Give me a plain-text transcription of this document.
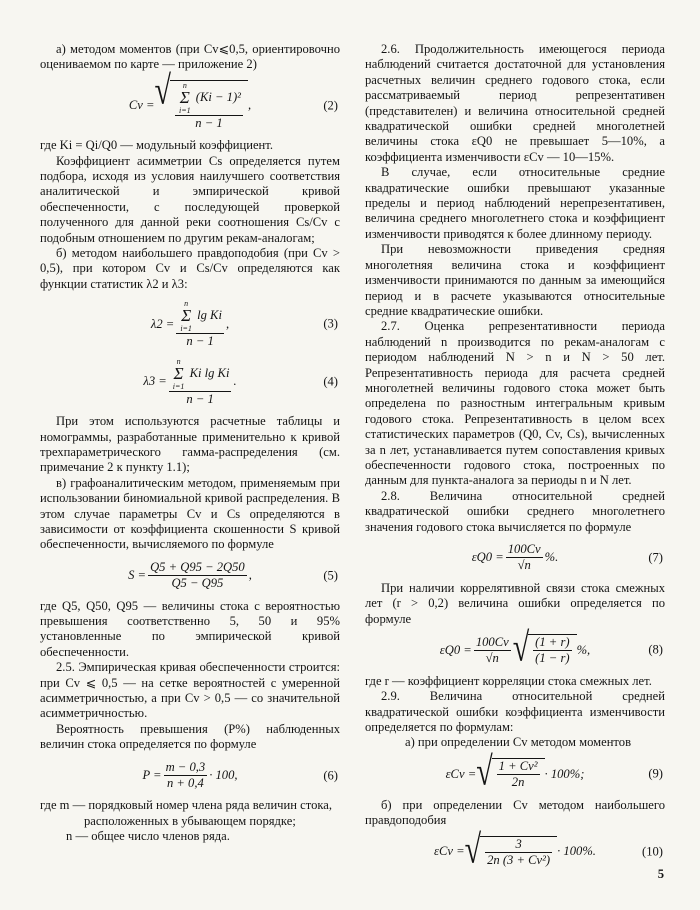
а) методом моментов (при Cv⩽0,5, ориентировочно оцениваемом по карте — приложение 2)

Cv = √ n
Σ
i=1
(Ki − 1)²
n − 1 ,	(2)

где Ki = Qi/Q0 — модульный коэффициент.

Коэффициент асимметрии Cs определяется путем подбора, исходя из условия наилучшего соответствия аналитической и эмпирической кривой обеспеченности, с последующей проверкой полученного для данной реки соотношения Cs/Cv с подобным отношением по другим рекам-аналогам;

б) методом наибольшего правдоподобия (при Cv > 0,5), при котором Cv и Cs/Cv определяются как функции статистик λ2 и λ3:

λ2 = n
Σ
i=1
lg Ki
n − 1 ,	(3)
λ3 = n
Σ
i=1
Ki lg Ki
n − 1 .	(4)

При этом используются расчетные таблицы и номограммы, разработанные применительно к кривой трехпараметрического гамма-распределения (см. примечание 2 к пункту 1.1);

в) графоаналитическим методом, применяемым при использовании биномиальной кривой распределения. В этом случае параметры Cv и Cs определяются в зависимости от коэффициента скошенности S кривой обеспеченности, вычисляемого по формуле

$S = \frac{Q5 + Q95 - 2Q50}{Q5 - Q95}$ ,	(5)

где Q5, Q50, Q95 — величины стока с вероятностью превышения соответственно 5, 50 и 95% установленные по эмпирической кривой обеспеченности.

2.5. Эмпирическая кривая обеспеченности строится: при Cv ⩽ 0,5 — на сетке вероятностей с умеренной асимметричностью, а при Cv > 0,5 — со значительной асимметричностью.

Вероятность превышения (P%) наблюденных величин стока определяется по формуле

$P = \frac{m - 0,3}{n + 0,4} \cdot 100$,	(6)

где m — порядковый номер члена ряда величин стока, расположенных в убывающем порядке;

n — общее число членов ряда.

2.6. Продолжительность имеющегося периода наблюдений считается достаточной для установления расчетных величин среднего годового стока, если рассматриваемый период репрезентативен (представителен) и величина относительной средней квадратической ошибки средней многолетней величины стока εQ0 не превышает 5—10%, а коэффициента изменчивости εCv — 10—15%.

В случае, если относительные средние квадратические ошибки превышают указанные пределы и период наблюдений нерепрезентативен, величина среднего многолетнего стока и коэффициент изменчивости приводятся к более длинному периоду.

При невозможности приведения средняя многолетняя величина стока и коэффициент изменчивости принимаются по данным за имеющийся период и в расчете указываются относительные средние квадратические ошибки.

2.7. Оценка репрезентативности периода наблюдений n производится по рекам-аналогам с периодом наблюдений N > n и N > 50 лет. Репрезентативность периода для расчета средней многолетней величины годового стока может быть определена по разностным интегральным кривым годового стока. Репрезентативность в целом всех статистических параметров (Q0, Cv, Cs), вычисленных за n лет, устанавливается путем сопоставления кривых обеспеченности годового стока, построенных по данным для пункта-аналога за периоды n и N лет.

2.8. Величина относительной средней квадратической ошибки среднего многолетнего значения годового стока вычисляется по формуле

$\varepsilon Q0 = \frac{100Cv}{√n}$ %.	(7)

При наличии коррелятивной связи стока смежных лет (r > 0,2) величина ошибки определяется по формуле

$\varepsilon Q0 = \frac{100Cv}{√n}$ √ $\frac{(1 + r)}{(1 - r)}$ %,	(8)

где r — коэффициент корреляции стока смежных лет.

2.9. Величина относительной средней квадратической ошибки коэффициента изменчивости определяется по формулам:

а) при определении Cv методом моментов

εCv = √ $\frac{\text{1 + Cv²}}{2n} \cdot 100\%$;	(9)

б) при определении Cv методом наибольшего правдоподобия

εCv = √ $\frac{3}{\text{2n (3 + Cv²)}} \cdot 100\%$.	(10)
5
